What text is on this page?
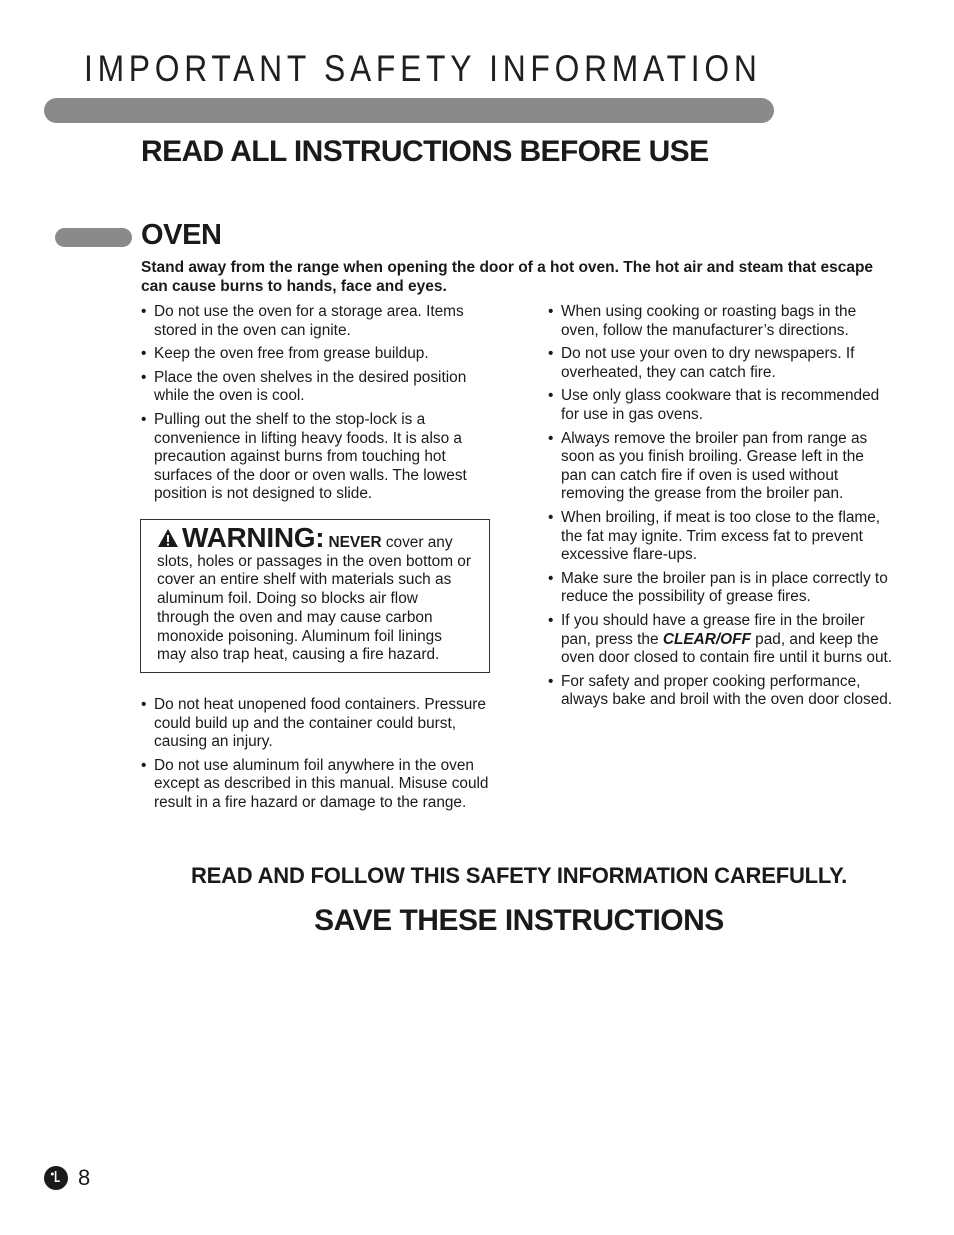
IMPORTANT SAFETY INFORMATION
READ ALL INSTRUCTIONS BEFORE USE
OVEN
Stand away from the range when opening the door of a hot oven. The hot air and steam that escape can cause burns to hands, face and eyes.
• Do not use the oven for a storage area. Items stored in the oven can ignite.
• Keep the oven free from grease buildup.
• Place the oven shelves in the desired position while the oven is cool.
• Pulling out the shelf to the stop-lock is a convenience in lifting heavy foods. It is also a precaution against burns from touching hot surfaces of the door or oven walls. The lowest position is not designed to slide.
WARNING: NEVER cover any slots, holes or passages in the oven bottom or cover an entire shelf with materials such as aluminum foil. Doing so blocks air flow through the oven and may cause carbon monoxide poisoning. Aluminum foil linings may also trap heat, causing a fire hazard.
• Do not heat unopened food containers. Pressure could build up and the container could burst, causing an injury.
• Do not use aluminum foil anywhere in the oven except as described in this manual. Misuse could result in a fire hazard or damage to the range.
• When using cooking or roasting bags in the oven, follow the manufacturer’s directions.
• Do not use your oven to dry newspapers. If overheated, they can catch fire.
• Use only glass cookware that is recommended for use in gas ovens.
• Always remove the broiler pan from range as soon as you finish broiling. Grease left in the pan can catch fire if oven is used without removing the grease from the broiler pan.
• When broiling, if meat is too close to the flame, the fat may ignite. Trim excess fat to prevent excessive flare-ups.
• Make sure the broiler pan is in place correctly to reduce the possibility of grease fires.
• If you should have a grease fire in the broiler pan, press the CLEAR/OFF pad, and keep the oven door closed to contain fire until it burns out.
• For safety and proper cooking performance, always bake and broil with the oven door closed.
READ AND FOLLOW THIS SAFETY INFORMATION CAREFULLY.
SAVE THESE INSTRUCTIONS
8
